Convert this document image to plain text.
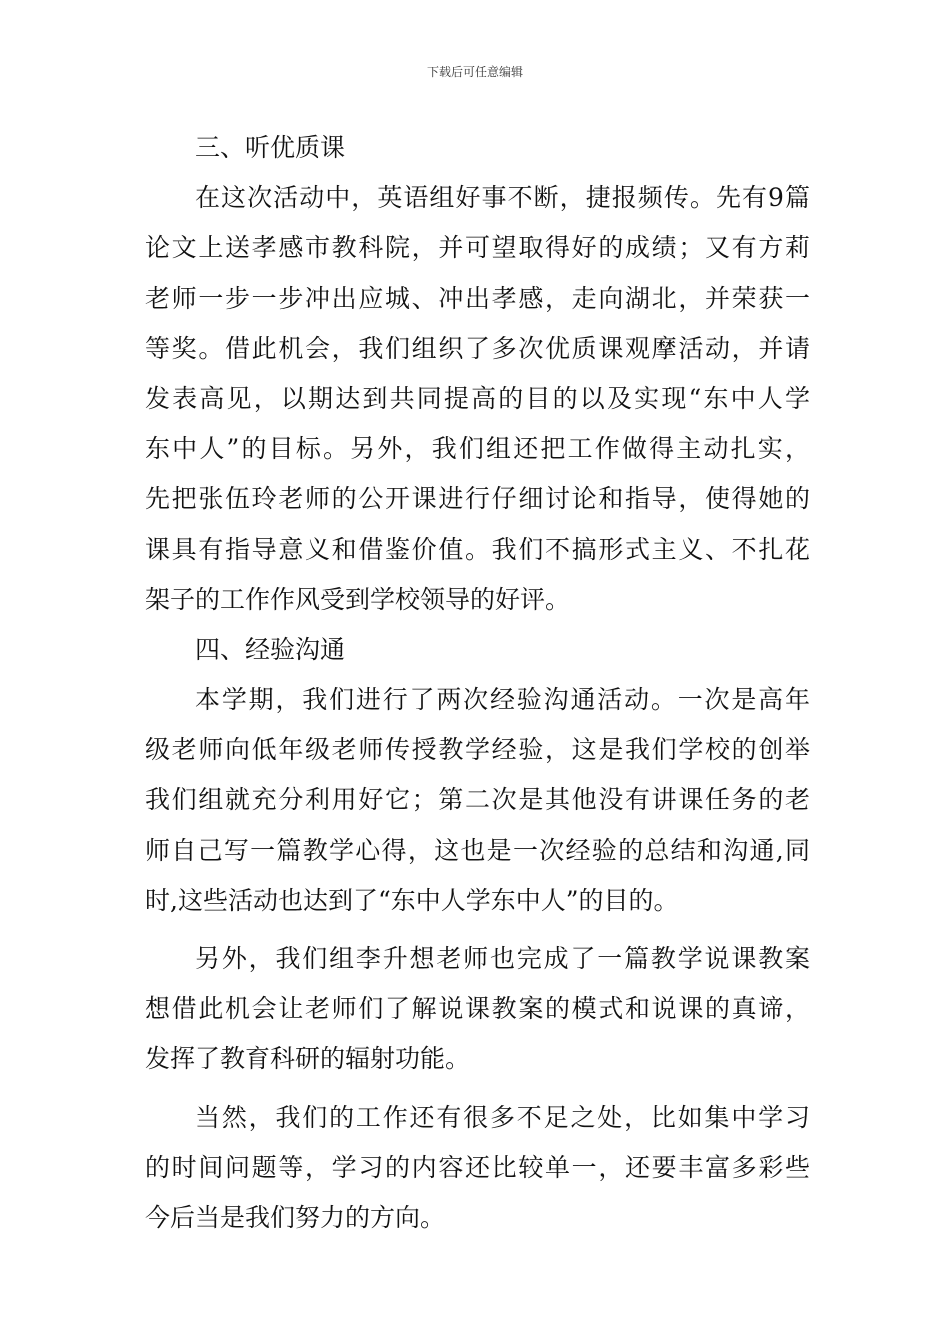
下载后可任意编辑
三、听优质课
在这次活动中，英语组好事不断，捷报频传。先有9篇
论文上送孝感市教科院，并可望取得好的成绩；又有方莉
老师一步一步冲出应城、冲出孝感，走向湖北，并荣获一
等奖。借此机会，我们组织了多次优质课观摩活动，并请
发表高见，以期达到共同提高的目的以及实现“东中人学
东中人”的目标。另外，我们组还把工作做得主动扎实，
先把张伍玲老师的公开课进行仔细讨论和指导，使得她的
课具有指导意义和借鉴价值。我们不搞形式主义、不扎花
架子的工作作风受到学校领导的好评。
四、经验沟通
本学期，我们进行了两次经验沟通活动。一次是高年
级老师向低年级老师传授教学经验，这是我们学校的创举
我们组就充分利用好它；第二次是其他没有讲课任务的老
师自己写一篇教学心得，这也是一次经验的总结和沟通,同
时,这些活动也达到了“东中人学东中人”的目的。
另外，我们组李升想老师也完成了一篇教学说课教案
想借此机会让老师们了解说课教案的模式和说课的真谛，
发挥了教育科研的辐射功能。
当然，我们的工作还有很多不足之处，比如集中学习
的时间问题等，学习的内容还比较单一，还要丰富多彩些
今后当是我们努力的方向。
